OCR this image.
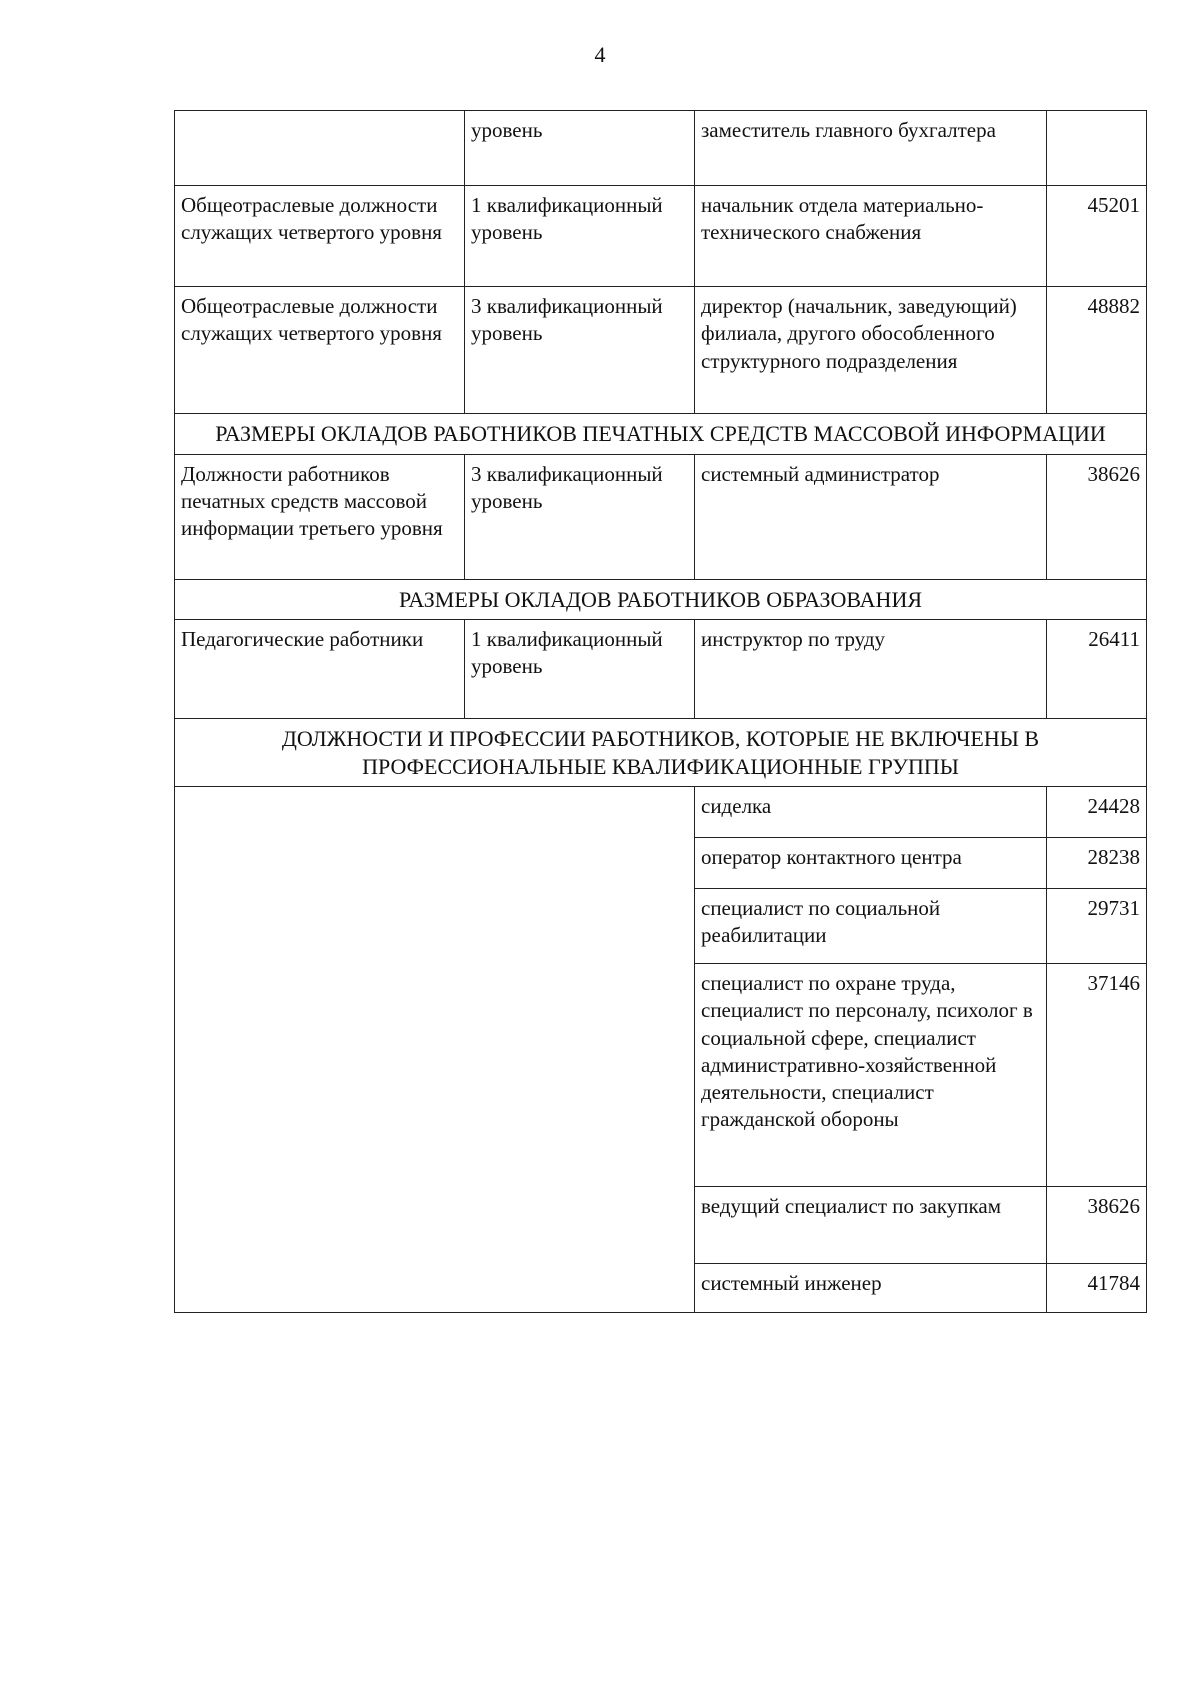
4
	уровень	заместитель главного бухгалтера	
Общеотраслевые должности служащих четвертого уровня	1 квалификационный уровень	начальник отдела материально-технического снабжения	45201
Общеотраслевые должности служащих четвертого уровня	3 квалификационный уровень	директор (начальник, заведующий) филиала, другого обособленного структурного подразделения	48882
РАЗМЕРЫ ОКЛАДОВ РАБОТНИКОВ ПЕЧАТНЫХ СРЕДСТВ МАССОВОЙ ИНФОРМАЦИИ			
Должности работников печатных средств массовой информации третьего уровня	3 квалификационный уровень	системный администратор	38626
РАЗМЕРЫ ОКЛАДОВ РАБОТНИКОВ ОБРАЗОВАНИЯ			
Педагогические работники	1 квалификационный уровень	инструктор по труду	26411
ДОЛЖНОСТИ И ПРОФЕССИИ РАБОТНИКОВ, КОТОРЫЕ НЕ ВКЛЮЧЕНЫ В ПРОФЕССИОНАЛЬНЫЕ КВАЛИФИКАЦИОННЫЕ ГРУППЫ			
		сиделка	24428
		оператор контактного центра	28238
		специалист по социальной реабилитации	29731
		специалист по охране труда, специалист по персоналу, психолог в социальной сфере, специалист административно-хозяйственной деятельности, специалист гражданской обороны	37146
		ведущий специалист по закупкам	38626
		системный инженер	41784
